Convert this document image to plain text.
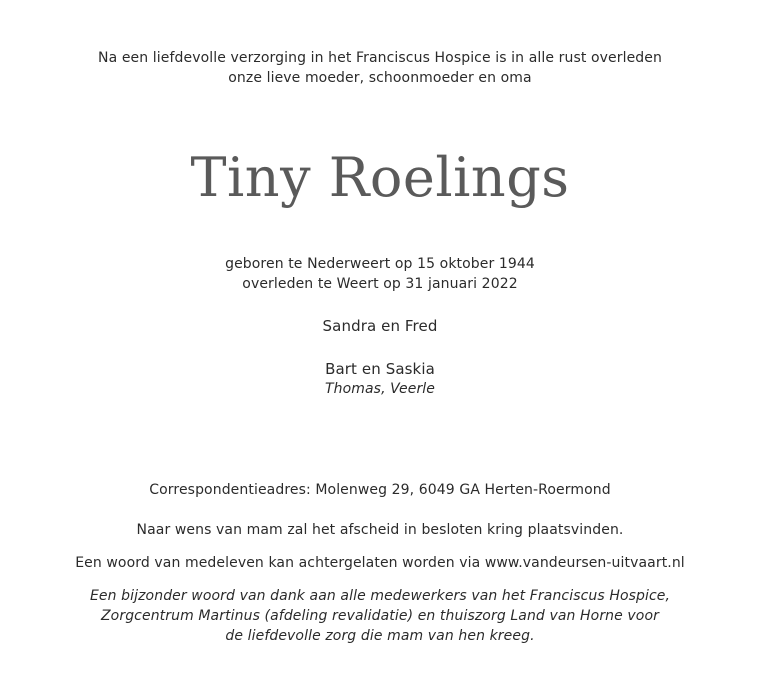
Na een liefdevolle verzorging in het Franciscus Hospice is in alle rust overleden
onze lieve moeder, schoonmoeder en oma
Tiny Roelings
geboren te Nederweert op 15 oktober 1944
overleden te Weert op 31 januari 2022
Sandra en Fred
Bart en Saskia
Thomas, Veerle
Correspondentieadres: Molenweg 29, 6049 GA Herten-Roermond
Naar wens van mam zal het afscheid in besloten kring plaatsvinden.
Een woord van medeleven kan achtergelaten worden via www.vandeursen-uitvaart.nl
Een bijzonder woord van dank aan alle medewerkers van het Franciscus Hospice,
Zorgcentrum Martinus (afdeling revalidatie) en thuiszorg Land van Horne voor
de liefdevolle zorg die mam van hen kreeg.
